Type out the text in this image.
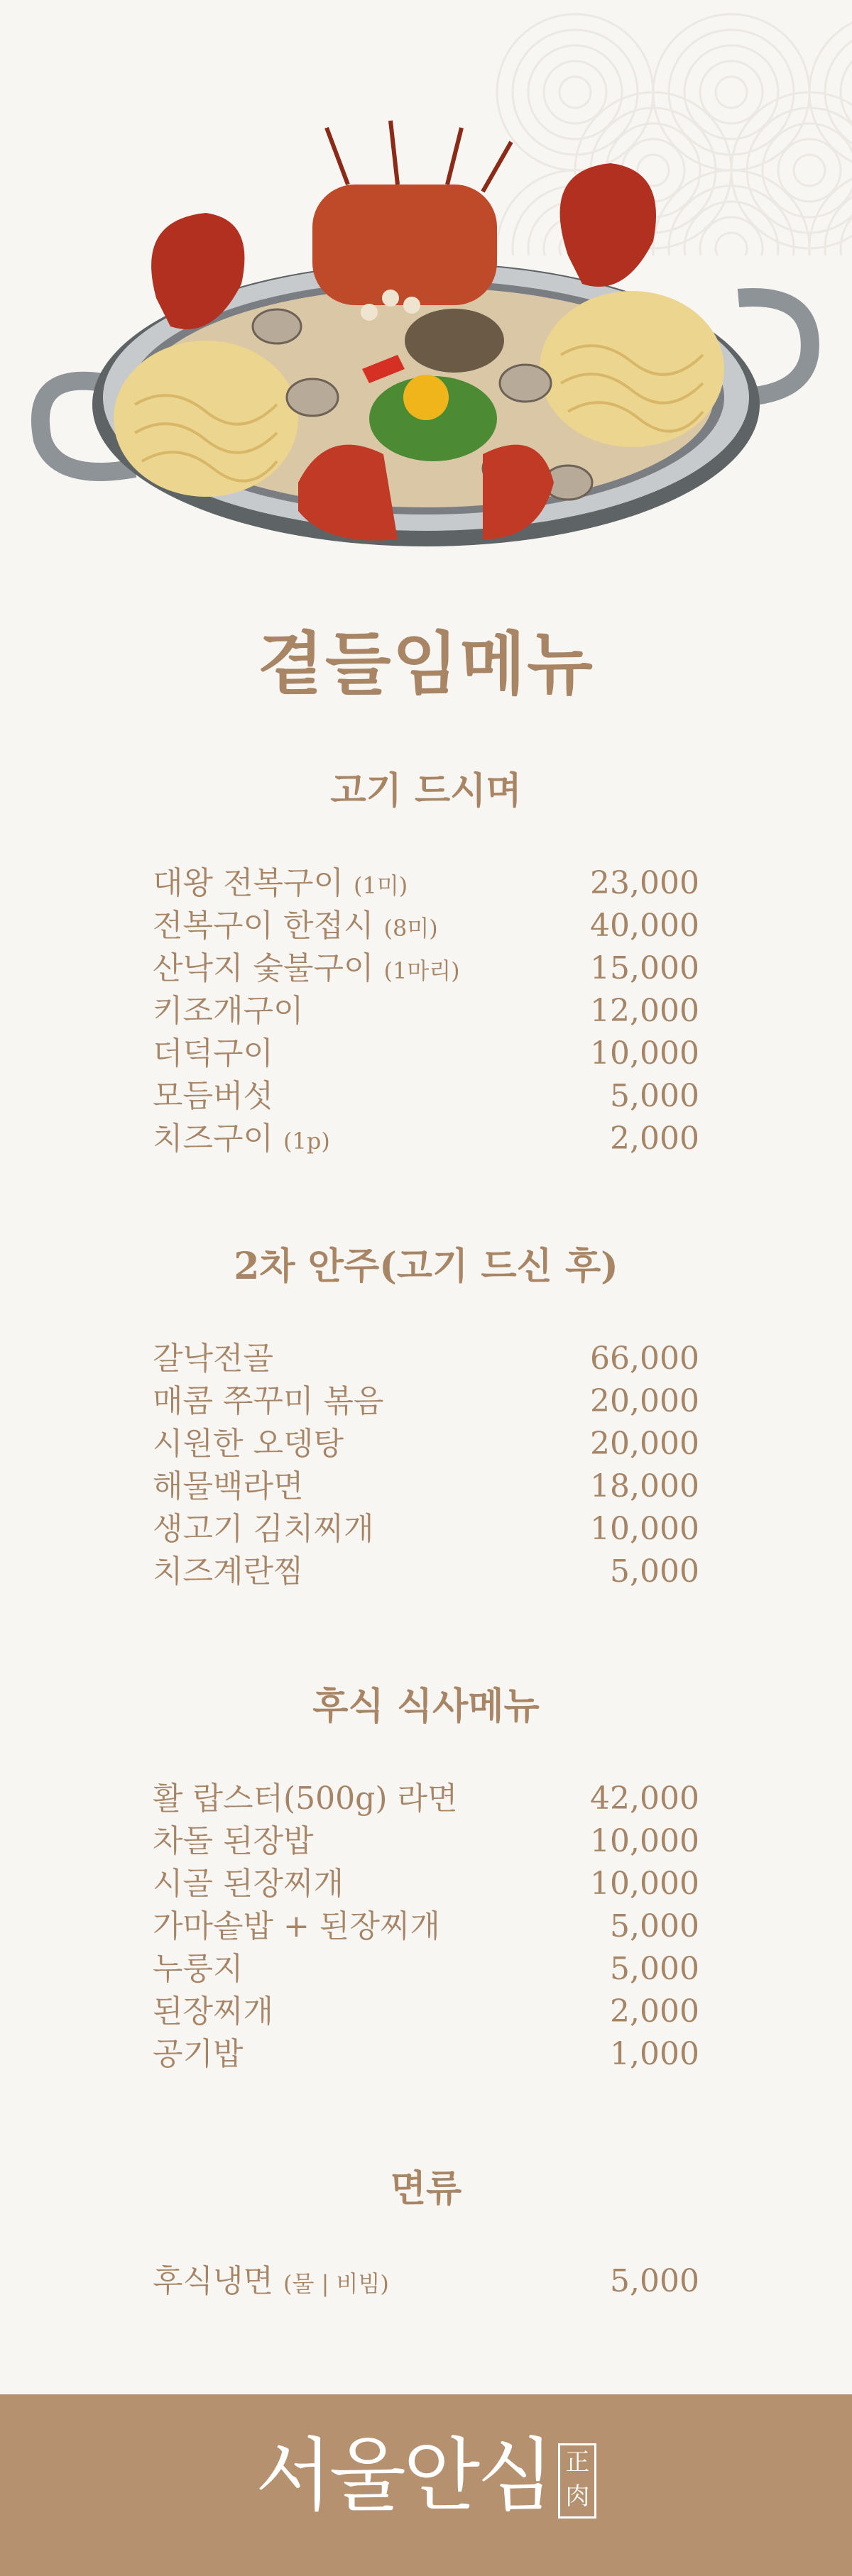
곁들임메뉴
고기 드시며
대왕 전복구이 (1미)	23,000
전복구이 한접시 (8미)	40,000
산낙지 숯불구이 (1마리)	15,000
키조개구이	12,000
더덕구이	10,000
모듬버섯	5,000
치즈구이 (1p)	2,000
2차 안주(고기 드신 후)
갈낙전골	66,000
매콤 쭈꾸미 볶음	20,000
시원한 오뎅탕	20,000
해물백라면	18,000
생고기 김치찌개	10,000
치즈계란찜	5,000
후식 식사메뉴
활 랍스터(500g) 라면	42,000
차돌 된장밥	10,000
시골 된장찌개	10,000
가마솥밥 + 된장찌개	5,000
누룽지	5,000
된장찌개	2,000
공기밥	1,000
면류
후식냉면 (물 | 비빔)	5,000
서울안심 正肉
